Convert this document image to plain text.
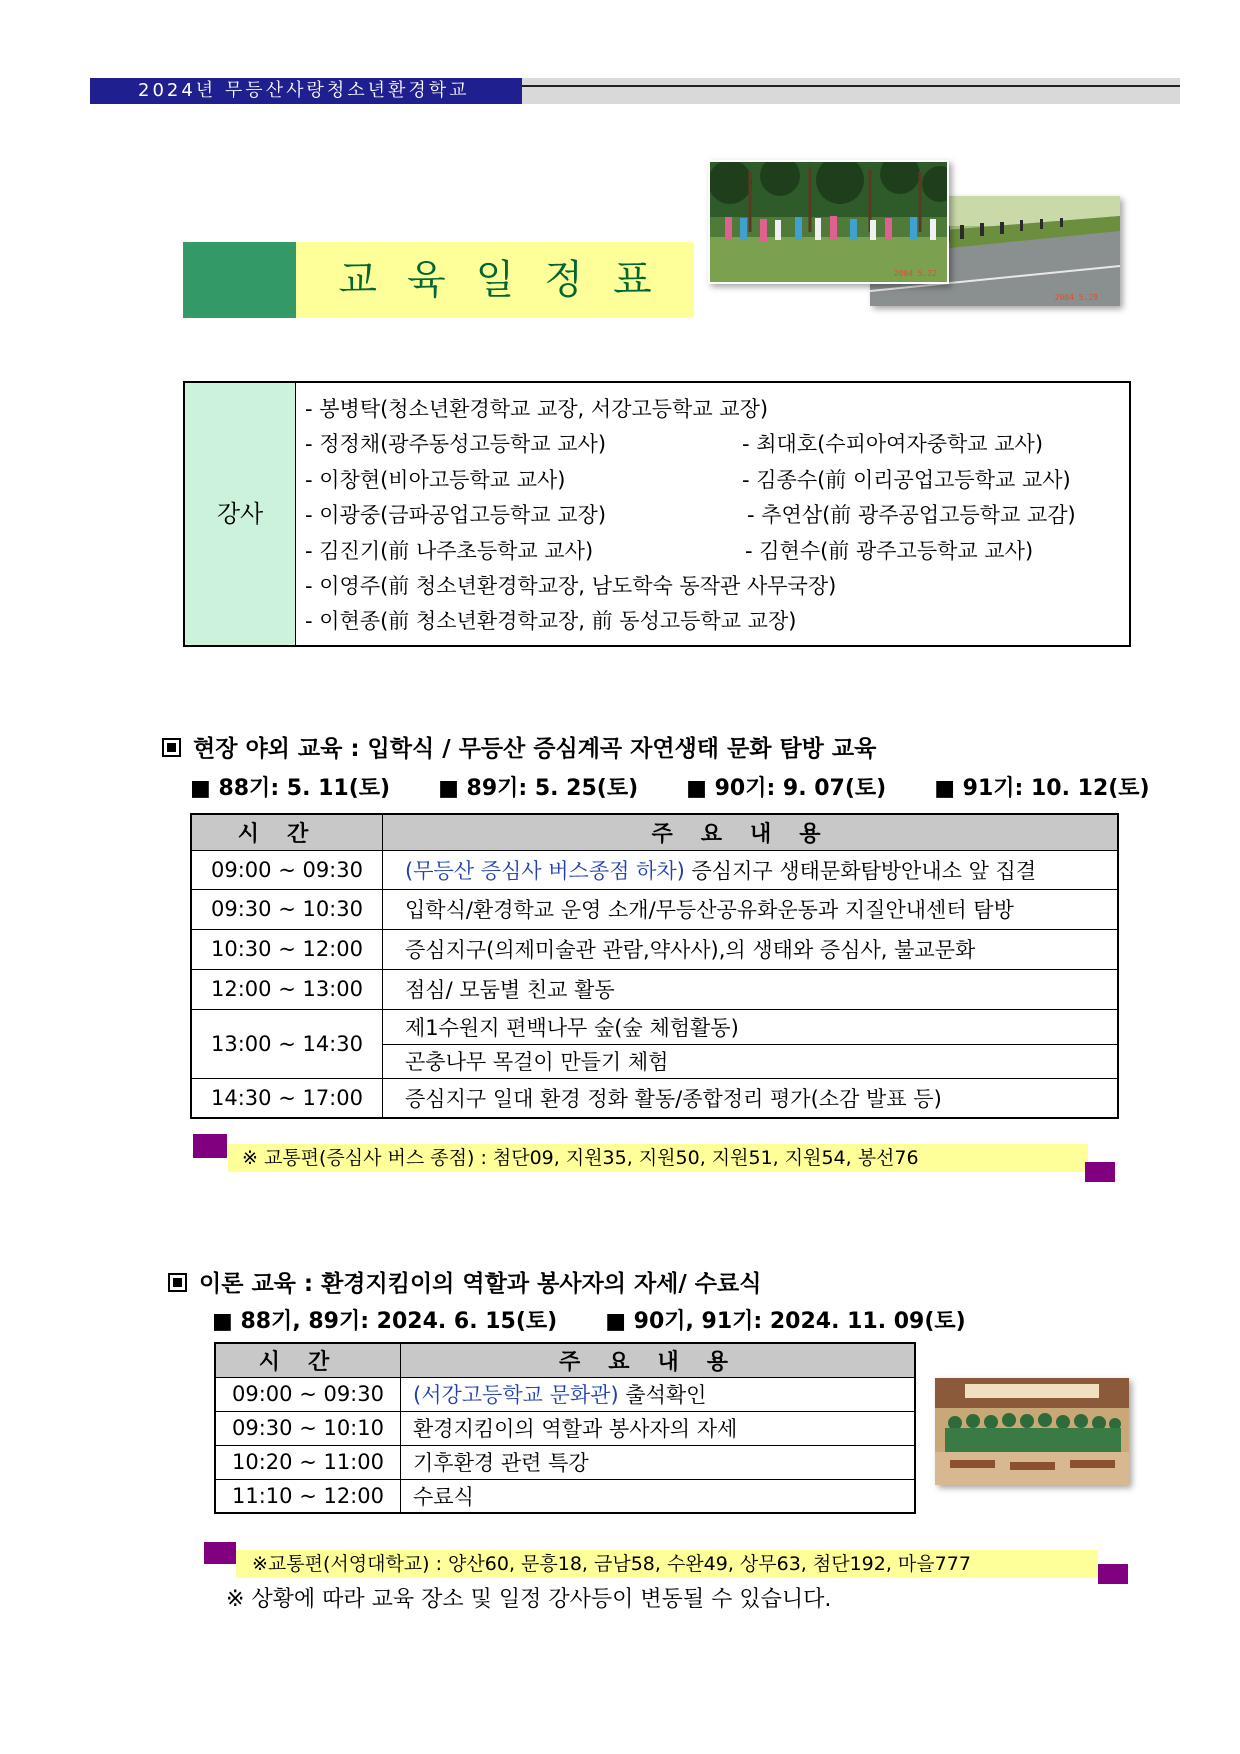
2024년 무등산사랑청소년환경학교
교육일정표	2004 5.29
2004 5.22
강사
- 봉병탁(청소년환경학교 교장, 서강고등학교 교장)
- 정정채(광주동성고등학교 교사)	- 최대호(수피아여자중학교 교사)
- 이창현(비아고등학교 교사)	- 김종수(前 이리공업고등학교 교사)
- 이광중(금파공업고등학교 교장)	- 추연삼(前 광주공업고등학교 교감)
- 김진기(前 나주초등학교 교사)	- 김현수(前 광주고등학교 교사)
- 이영주(前 청소년환경학교장, 남도학숙 동작관 사무국장)
- 이현종(前 청소년환경학교장, 前 동성고등학교 교장)
현장 야외 교육 : 입학식 / 무등산 증심계곡 자연생태 문화 탐방 교육
■ 88기: 5. 11(토) ■ 89기: 5. 25(토) ■ 90기: 9. 07(토) ■ 91기: 10. 12(토)
시간	주요내용
09:00 ~ 09:30	(무등산 증심사 버스종점 하차) 증심지구 생태문화탐방안내소 앞 집결
09:30 ~ 10:30	입학식/환경학교 운영 소개/무등산공유화운동과 지질안내센터 탐방
10:30 ~ 12:00	증심지구(의제미술관 관람,약사사),의 생태와 증심사, 불교문화
12:00 ~ 13:00	점심/ 모둠별 친교 활동
13:00 ~ 14:30	제1수원지 편백나무 숲(숲 체험활동)
	곤충나무 목걸이 만들기 체험
14:30 ~ 17:00	증심지구 일대 환경 정화 활동/종합정리 평가(소감 발표 등)
※ 교통편(증심사 버스 종점) : 첨단09, 지원35, 지원50, 지원51, 지원54, 봉선76
이론 교육 : 환경지킴이의 역할과 봉사자의 자세/ 수료식
■ 88기, 89기: 2024. 6. 15(토) ■ 90기, 91기: 2024. 11. 09(토)
시간	주요내용
09:00 ~ 09:30	(서강고등학교 문화관) 출석확인
09:30 ~ 10:10	환경지킴이의 역할과 봉사자의 자세
10:20 ~ 11:00	기후환경 관련 특강
11:10 ~ 12:00	수료식
※교통편(서영대학교) : 양산60, 문흥18, 금남58, 수완49, 상무63, 첨단192, 마을777
※ 상황에 따라 교육 장소 및 일정 강사등이 변동될 수 있습니다.
